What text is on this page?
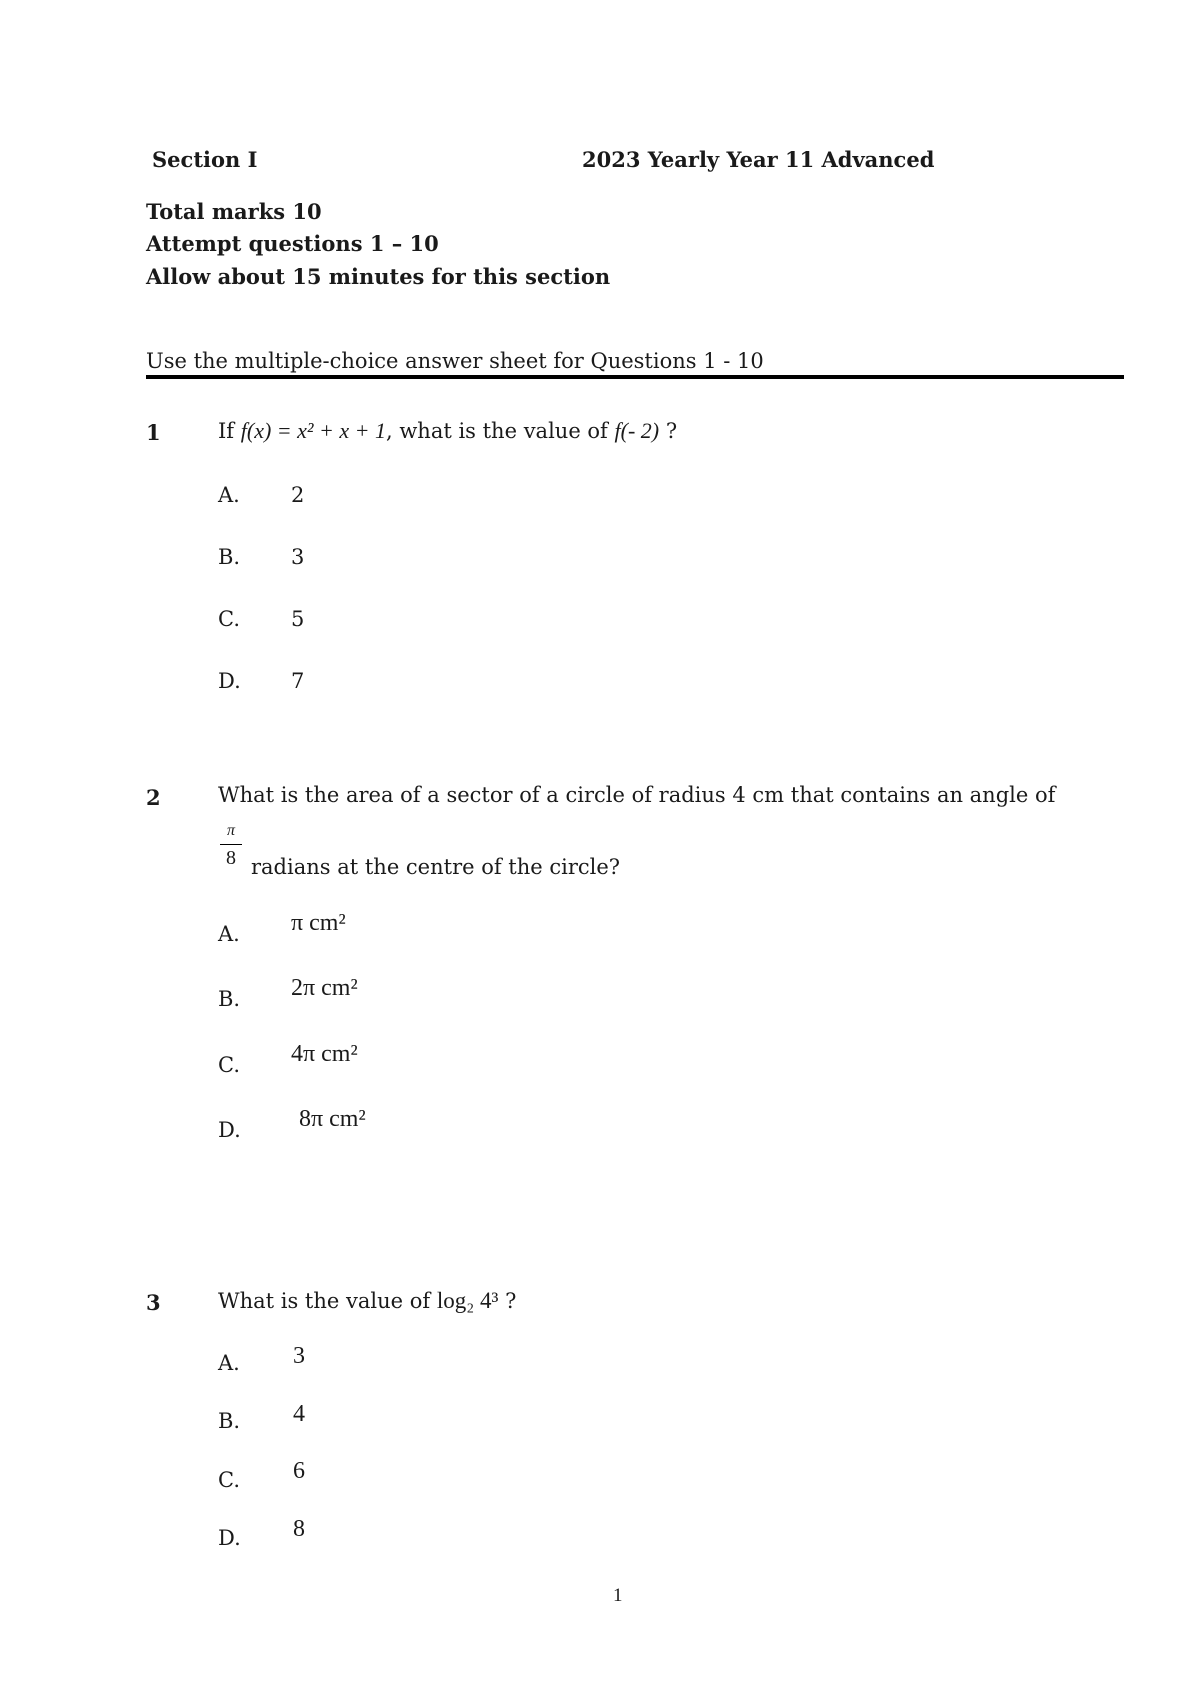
Section I	2023 Yearly Year 11 Advanced
Total marks 10
Attempt questions 1 – 10
Allow about 15 minutes for this section
Use the multiple-choice answer sheet for Questions 1 - 10
1	If f(x) = x² + x + 1, what is the value of f(- 2) ?
A. 2
B. 3
C. 5
D. 7
2	What is the area of a sector of a circle of radius 4 cm that contains an angle of
π
8 radians at the centre of the circle?
A. π cm²
B. 2π cm²
C. 4π cm²
D. 8π cm²
3	What is the value of log₂ 4³ ?
A. 3
B. 4
C. 6
D. 8
1
